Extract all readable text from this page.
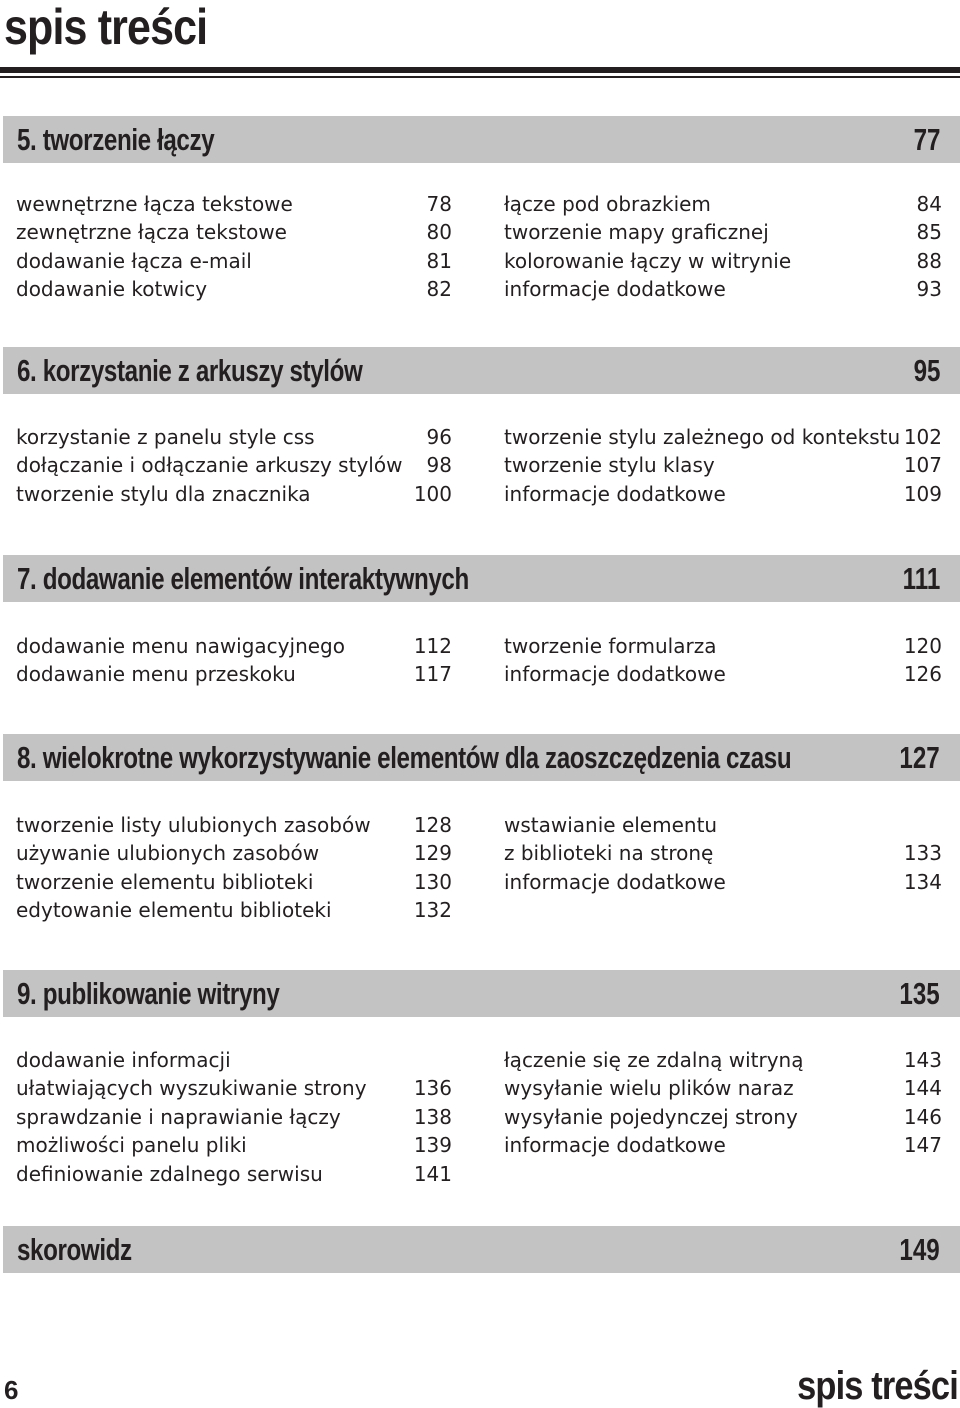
spis treści
5. tworzenie łączy	77
wewnętrzne łącza tekstowe	78
zewnętrzne łącza tekstowe	80
dodawanie łącza e-mail	81
dodawanie kotwicy	82
łącze pod obrazkiem	84
tworzenie mapy graficznej	85
kolorowanie łączy w witrynie	88
informacje dodatkowe	93
6. korzystanie z arkuszy stylów	95
korzystanie z panelu style css	96
dołączanie i odłączanie arkuszy stylów 98
tworzenie stylu dla znacznika	100
tworzenie stylu zależnego od kontekstu 102
tworzenie stylu klasy	107
informacje dodatkowe	109
7. dodawanie elementów interaktywnych	111
dodawanie menu nawigacyjnego	112
dodawanie menu przeskoku	117
tworzenie formularza	120
informacje dodatkowe	126
8. wielokrotne wykorzystywanie elementów dla zaoszczędzenia czasu	127
tworzenie listy ulubionych zasobów 128
używanie ulubionych zasobów	129
tworzenie elementu biblioteki	130
edytowanie elementu biblioteki	132
wstawianie elementu
z biblioteki na stronę	133
informacje dodatkowe	134
9. publikowanie witryny	135
dodawanie informacji
ułatwiających wyszukiwanie strony 136
sprawdzanie i naprawianie łączy	138
możliwości panelu pliki	139
definiowanie zdalnego serwisu	141
łączenie się ze zdalną witryną	143
wysyłanie wielu plików naraz	144
wysyłanie pojedynczej strony	146
informacje dodatkowe	147
skorowidz	149
6	spis treści
